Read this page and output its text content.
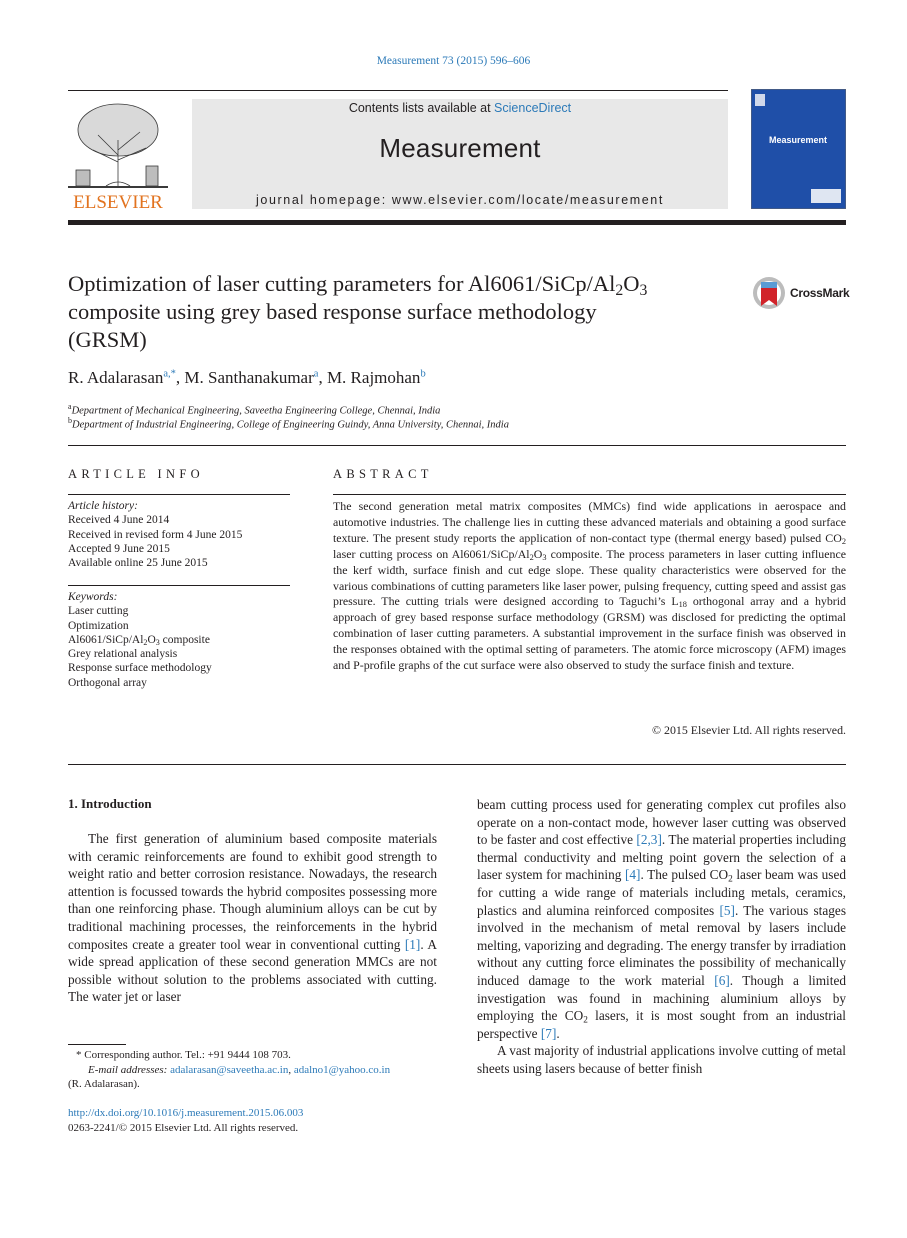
Measurement 73 (2015) 596–606
ELSEVIER
Contents lists available at ScienceDirect
Measurement
journal homepage: www.elsevier.com/locate/measurement
Measurement
Optimization of laser cutting parameters for $Al6061/SiCp/Al_2O_3$
composite using grey based response surface methodology
(GRSM)
CrossMark
R. Adalarasan$^{a,*}$, M. Santhanakumar$^a$, M. Rajmohan$^b$
$^a$Department of Mechanical Engineering, Saveetha Engineering College, Chennai, India
$^b$Department of Industrial Engineering, College of Engineering Guindy, Anna University, Chennai, India
ARTICLE INFO
Article history:
Received 4 June 2014
Received in revised form 4 June 2015
Accepted 9 June 2015
Available online 25 June 2015
Keywords:
Laser cutting
Optimization
$Al6061/SiCp/Al_2O_3$ composite
Grey relational analysis
Response surface methodology
Orthogonal array
ABSTRACT
The second generation metal matrix composites (MMCs) find wide applications in aerospace and automotive industries. The challenge lies in cutting these advanced materials and obtaining a good surface texture. The present study reports the application of non-contact type (thermal energy based) pulsed $CO_2$ laser cutting process on $Al6061/SiCp/Al_2O_3$ composite. The process parameters in laser cutting influence the kerf width, surface finish and cut edge slope. These quality characteristics were observed for the various combinations of cutting parameters like laser power, pulsing frequency, cutting speed and assist gas pressure. The cutting trials were designed according to Taguchi’s $L_{18}$ orthogonal array and a hybrid approach of grey based response surface methodology (GRSM) was disclosed for predicting the optimal combination of laser cutting parameters. A substantial improvement in the surface finish was observed in the responses obtained with the optimal setting of parameters. The atomic force microscopy (AFM) images and P-profile graphs of the cut surface were also observed to study the surface finish and texture.
© 2015 Elsevier Ltd. All rights reserved.
1. Introduction

The first generation of aluminium based composite materials with ceramic reinforcements are found to exhibit good strength to weight ratio and better corrosion resistance. Nowadays, the research attention is focussed towards the hybrid composites possessing more than one reinforcing phase. Though aluminium alloys can be cut by traditional machining processes, the reinforcements in the hybrid composites create a greater tool wear in conventional cutting [1]. A wide spread application of these second generation MMCs are not possible without solution to the problems associated with cutting. The water jet or laser

beam cutting process used for generating complex cut profiles also operate on a non-contact mode, however laser cutting was observed to be faster and cost effective [2,3]. The material properties including thermal conductivity and melting point govern the selection of a laser system for machining [4]. The pulsed $CO_2$ laser beam was used for cutting a wide range of materials including metals, ceramics, plastics and alumina reinforced composites [5]. The various stages involved in the mechanism of metal removal by lasers include melting, vaporizing and degrading. The energy transfer by irradiation without any cutting force eliminates the possibility of mechanically induced damage to the work material [6]. Though a limited investigation was found in machining aluminium alloys by employing the $CO_2$ lasers, it is most sought from an industrial perspective [7].

A vast majority of industrial applications involve cutting of metal sheets using lasers because of better finish

* Corresponding author. Tel.: +91 9444 108 703.
E-mail addresses: adalarasan@saveetha.ac.in, adalno1@yahoo.co.in
(R. Adalarasan).
http://dx.doi.org/10.1016/j.measurement.2015.06.003
0263-2241/© 2015 Elsevier Ltd. All rights reserved.
